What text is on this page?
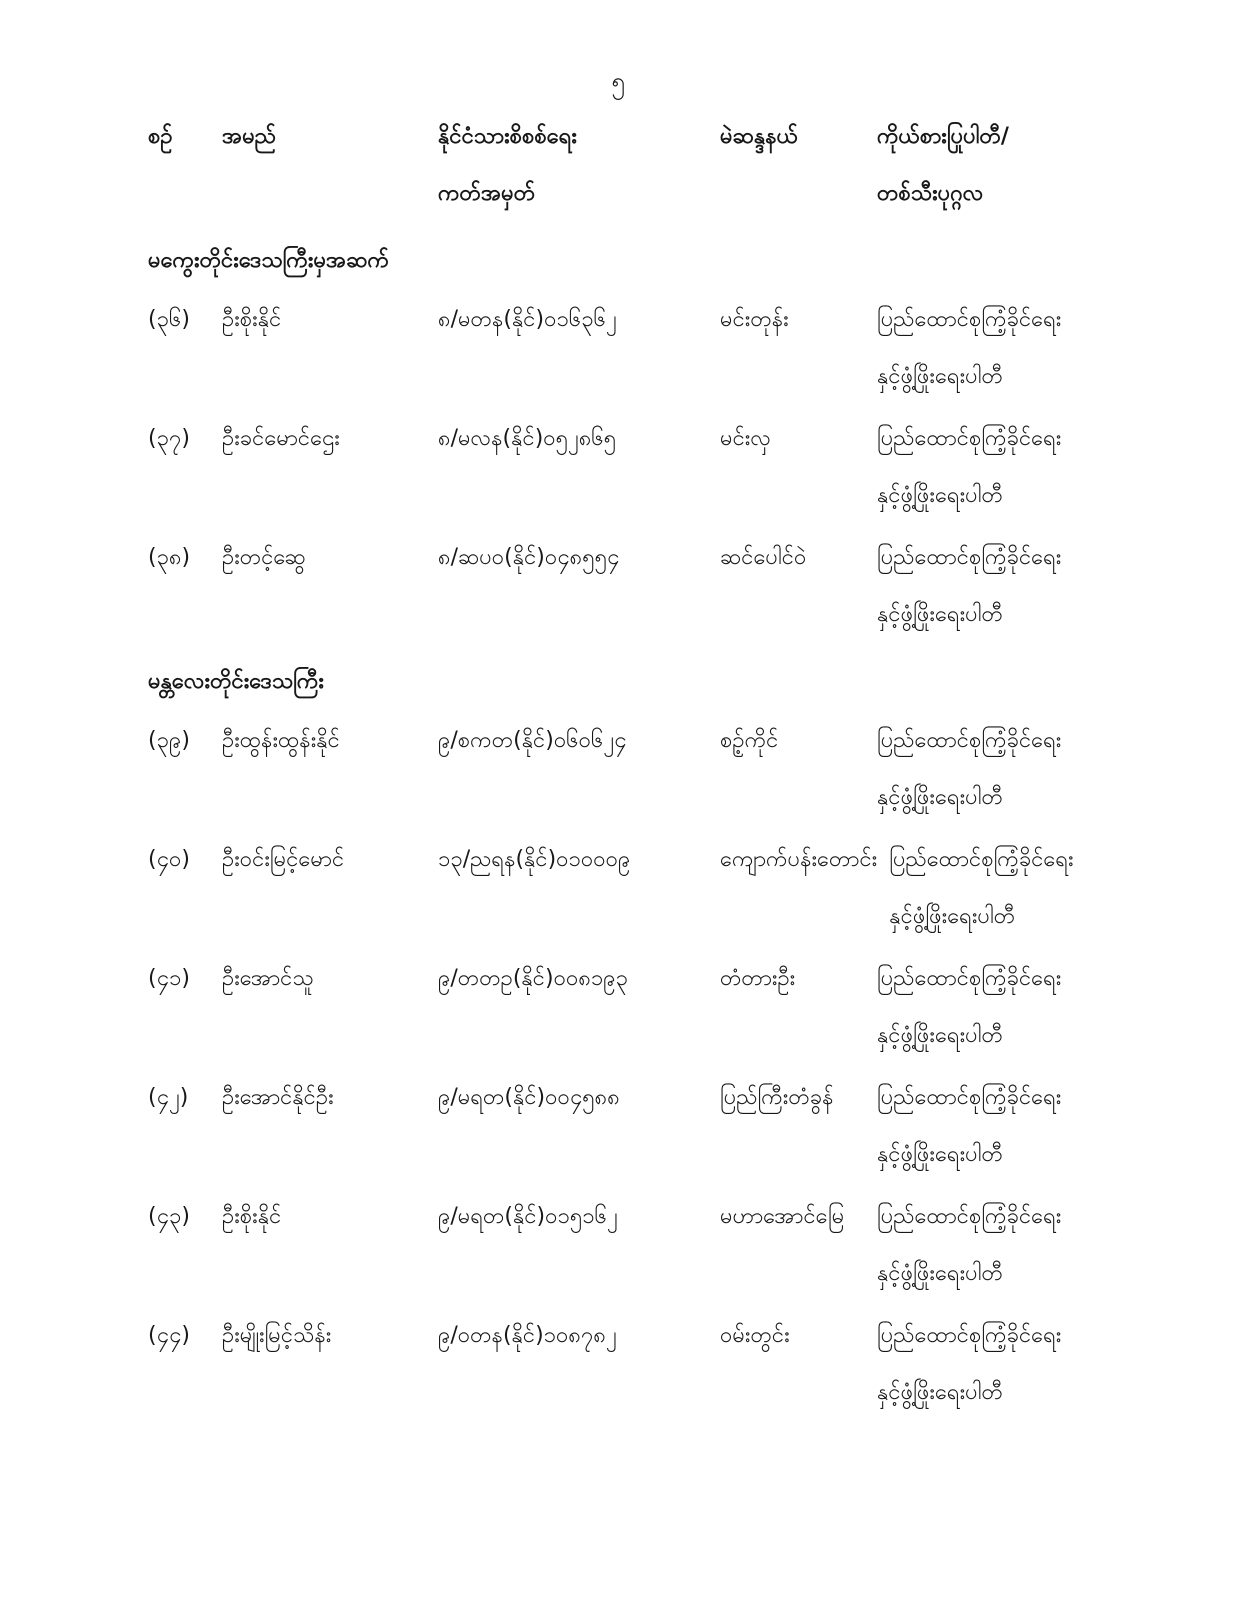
၅
စဉ်	အမည်	နိုင်ငံသားစိစစ်ရေး
ကတ်အမှတ်
မဲဆန္ဒနယ်	ကိုယ်စားပြုပါတီ/
တစ်သီးပုဂ္ဂလ
မကွေးတိုင်းဒေသကြီးမှအဆက်
(၃၆)	ဦးစိုးနိုင်	၈/မတန(နိုင်)၀၁၆၃၆၂	မင်းတုန်း	ပြည်ထောင်စုကြံ့ခိုင်ရေး
နှင့်ဖွံ့ဖြိုးရေးပါတီ
(၃၇)	ဦးခင်မောင်ဌေး	၈/မလန(နိုင်)၀၅၂၈၆၅	မင်းလှ	ပြည်ထောင်စုကြံ့ခိုင်ရေး
နှင့်ဖွံ့ဖြိုးရေးပါတီ
(၃၈)	ဦးတင့်ဆွေ	၈/ဆပဝ(နိုင်)၀၄၈၅၅၄	ဆင်ပေါင်ဝဲ	ပြည်ထောင်စုကြံ့ခိုင်ရေး
နှင့်ဖွံ့ဖြိုးရေးပါတီ
မန္တလေးတိုင်းဒေသကြီး
(၃၉)	ဦးထွန်းထွန်းနိုင်	၉/စကတ(နိုင်)၀၆၀၆၂၄	စဉ့်ကိုင်	ပြည်ထောင်စုကြံ့ခိုင်ရေး
နှင့်ဖွံ့ဖြိုးရေးပါတီ
(၄၀)	ဦးဝင်းမြင့်မောင်	၁၃/ညရန(နိုင်)၀၁၀၀၀၉	ကျောက်ပန်းတောင်း ပြည်ထောင်စုကြံ့ခိုင်ရေး
နှင့်ဖွံ့ဖြိုးရေးပါတီ
(၄၁)	ဦးအောင်သူ	၉/တတဥ(နိုင်)၀၀၈၁၉၃	တံတားဦး	ပြည်ထောင်စုကြံ့ခိုင်ရေး
နှင့်ဖွံ့ဖြိုးရေးပါတီ
(၄၂)	ဦးအောင်နိုင်ဦး	၉/မရတ(နိုင်)၀၀၄၅၈၈	ပြည်ကြီးတံခွန်	ပြည်ထောင်စုကြံ့ခိုင်ရေး
နှင့်ဖွံ့ဖြိုးရေးပါတီ
(၄၃)	ဦးစိုးနိုင်	၉/မရတ(နိုင်)၀၁၅၁၆၂	မဟာအောင်မြေ	ပြည်ထောင်စုကြံ့ခိုင်ရေး
နှင့်ဖွံ့ဖြိုးရေးပါတီ
(၄၄)	ဦးမျိုးမြင့်သိန်း	၉/ဝတန(နိုင်)၁၀၈၇၈၂	ဝမ်းတွင်း	ပြည်ထောင်စုကြံ့ခိုင်ရေး
နှင့်ဖွံ့ဖြိုးရေးပါတီ
